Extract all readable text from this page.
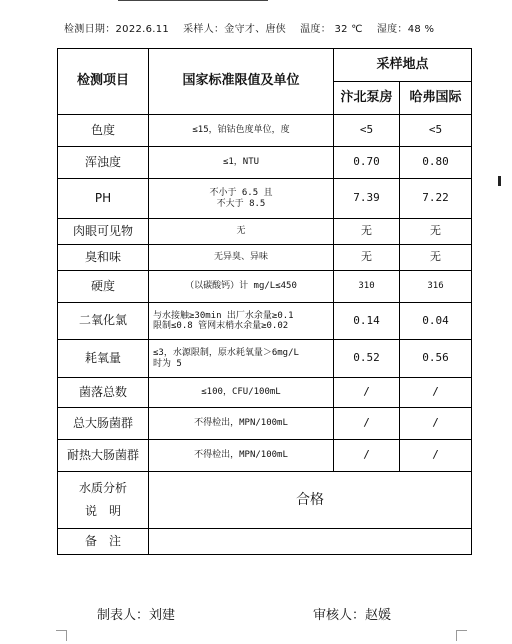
检测日期：2022.6.11 采样人：金守才、唐侠 温度： 32 ℃ 湿度：48 %
检测项目	国家标准限值及单位	采样地点	
		汴北泵房	哈弗国际
色度	≤15，铂钴色度单位，度	<5	<5
浑浊度	≤1，NTU	0.70	0.80
PH	不小于 6.5 且
不大于 8.5	7.39	7.22
肉眼可见物	无	无	无
臭和味	无异臭、异味	无	无
硬度	（以碳酸钙）计 mg/L≤450	310	316
二氧化氯	与水接触≥30min 出厂水余量≥0.1
限制≤0.8 管网末梢水余量≥0.02	0.14	0.04
耗氧量	≤3，水源限制，原水耗氧量＞6mg/L
时为 5	0.52	0.56
菌落总数	≤100，CFU/100mL	/	/
总大肠菌群	不得检出，MPN/100mL	/	/
耐热大肠菌群	不得检出，MPN/100mL	/	/
水质分析
说　明	合格		
备　注			
制表人：刘建	审核人：赵媛
